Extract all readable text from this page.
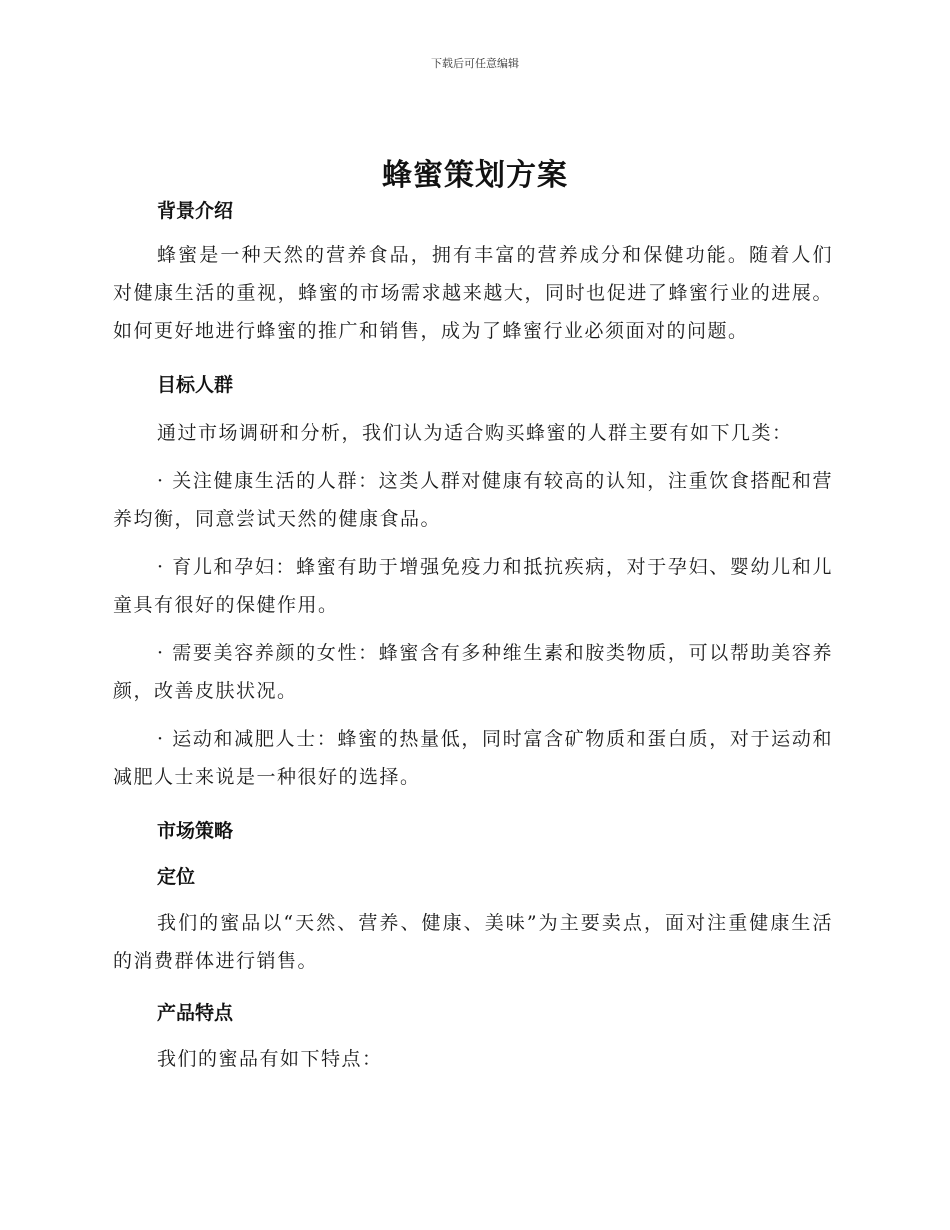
下载后可任意编辑
蜂蜜策划方案
背景介绍

蜂蜜是一种天然的营养食品，拥有丰富的营养成分和保健功能。随着人们对健康生活的重视，蜂蜜的市场需求越来越大，同时也促进了蜂蜜行业的进展。如何更好地进行蜂蜜的推广和销售，成为了蜂蜜行业必须面对的问题。

目标人群

通过市场调研和分析，我们认为适合购买蜂蜜的人群主要有如下几类：

· 关注健康生活的人群：这类人群对健康有较高的认知，注重饮食搭配和营养均衡，同意尝试天然的健康食品。

· 育儿和孕妇：蜂蜜有助于增强免疫力和抵抗疾病，对于孕妇、婴幼儿和儿童具有很好的保健作用。

· 需要美容养颜的女性：蜂蜜含有多种维生素和胺类物质，可以帮助美容养颜，改善皮肤状况。

· 运动和减肥人士：蜂蜜的热量低，同时富含矿物质和蛋白质，对于运动和减肥人士来说是一种很好的选择。

市场策略
定位

我们的蜜品以“天然、营养、健康、美味”为主要卖点，面对注重健康生活的消费群体进行销售。

产品特点

我们的蜜品有如下特点：
